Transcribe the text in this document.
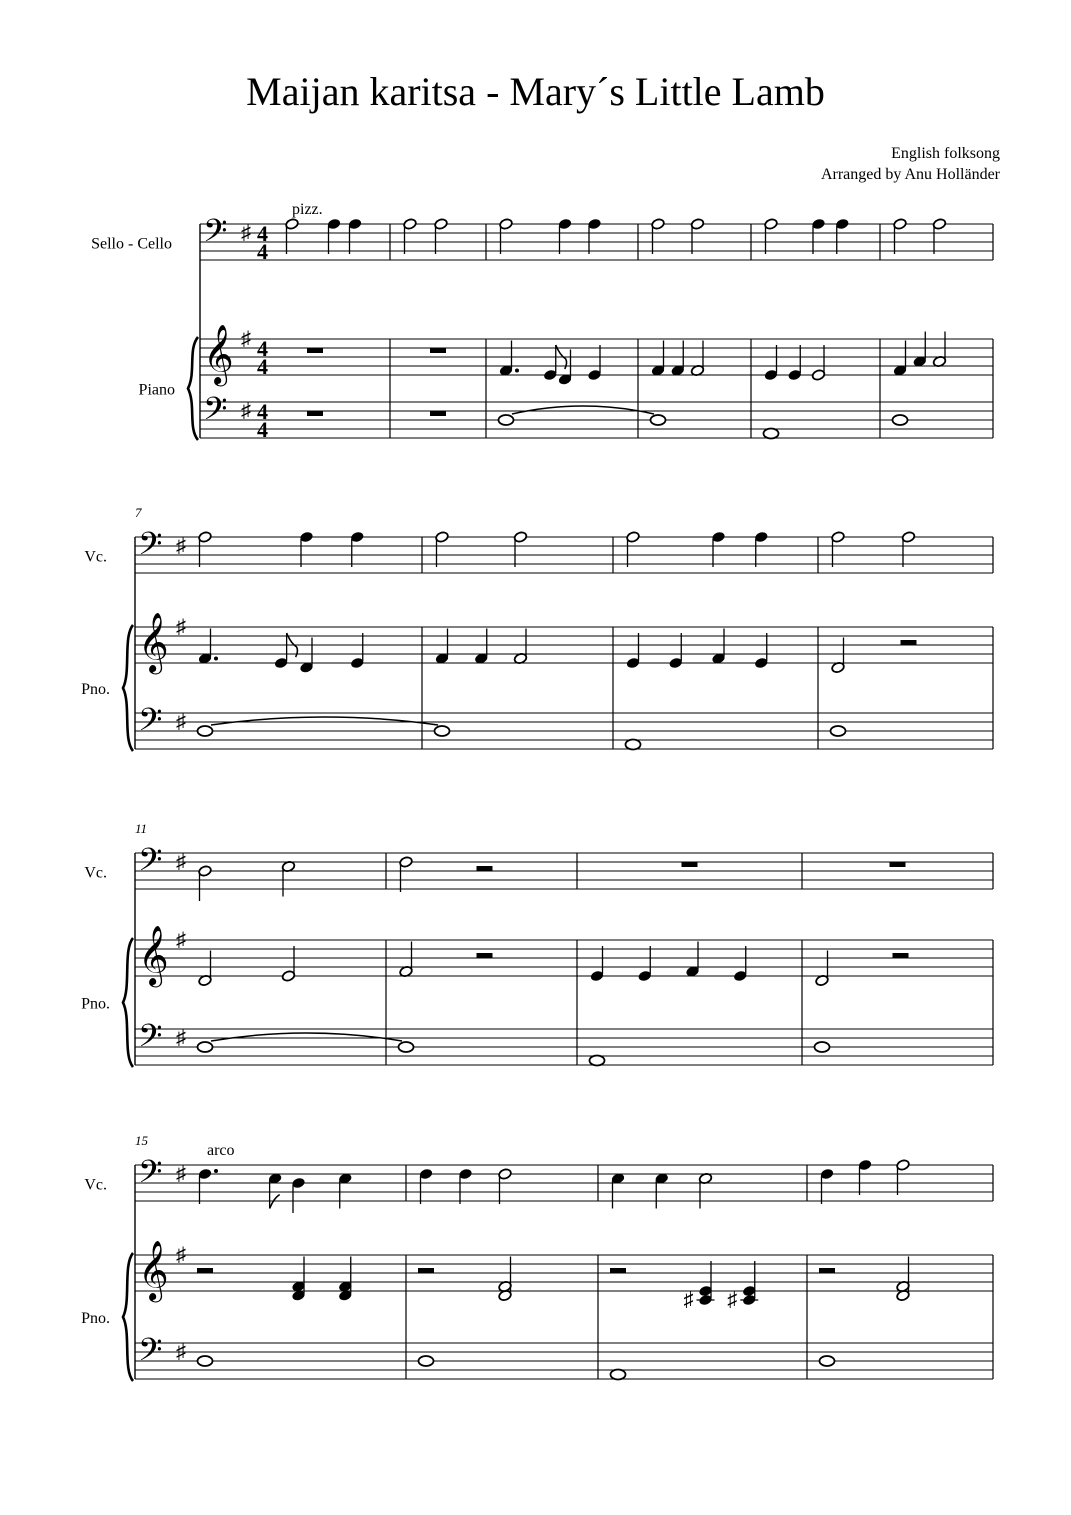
Maijan karitsa - Mary´s Little Lamb
English folksong
Arranged by Anu Holländer
𝄢
𝄞
𝄢
♯
♯
♯
4
4
4
4
4
4
Sello - Cello
Piano
pizz.
𝄢
𝄞
𝄢
♯
♯
♯
Vc.
Pno.
7
𝄢
𝄞
𝄢
♯
♯
♯
Vc.
Pno.
11
𝄢
𝄞
𝄢
♯
♯
♯
Vc.
Pno.
15
♯ ♯
arco
